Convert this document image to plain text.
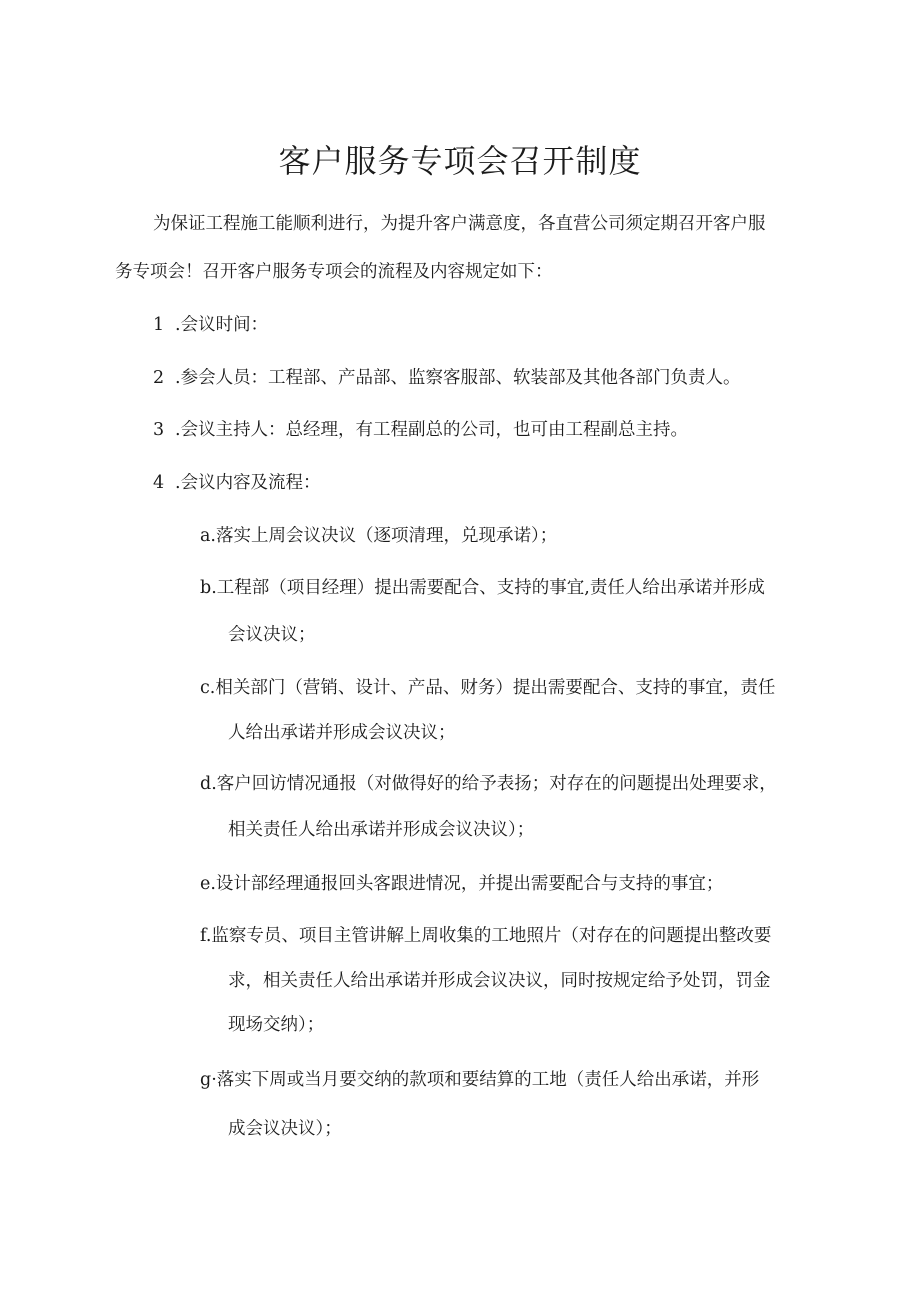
客户服务专项会召开制度
为保证工程施工能顺利进行，为提升客户满意度，各直营公司须定期召开客户服
务专项会！召开客户服务专项会的流程及内容规定如下：
1 .会议时间：
2 .参会人员：工程部、产品部、监察客服部、软装部及其他各部门负责人。
3 .会议主持人：总经理，有工程副总的公司，也可由工程副总主持。
4 .会议内容及流程：
a.落实上周会议决议（逐项清理，兑现承诺）；
b.工程部（项目经理）提出需要配合、支持的事宜,责任人给出承诺并形成
会议决议；
c.相关部门（营销、设计、产品、财务）提出需要配合、支持的事宜，责任
人给出承诺并形成会议决议；
d.客户回访情况通报（对做得好的给予表扬；对存在的问题提出处理要求，
相关责任人给出承诺并形成会议决议）；
e.设计部经理通报回头客跟进情况，并提出需要配合与支持的事宜；
f.监察专员、项目主管讲解上周收集的工地照片（对存在的问题提出整改要
求，相关责任人给出承诺并形成会议决议，同时按规定给予处罚，罚金
现场交纳）；
g·落实下周或当月要交纳的款项和要结算的工地（责任人给出承诺，并形
成会议决议）；
